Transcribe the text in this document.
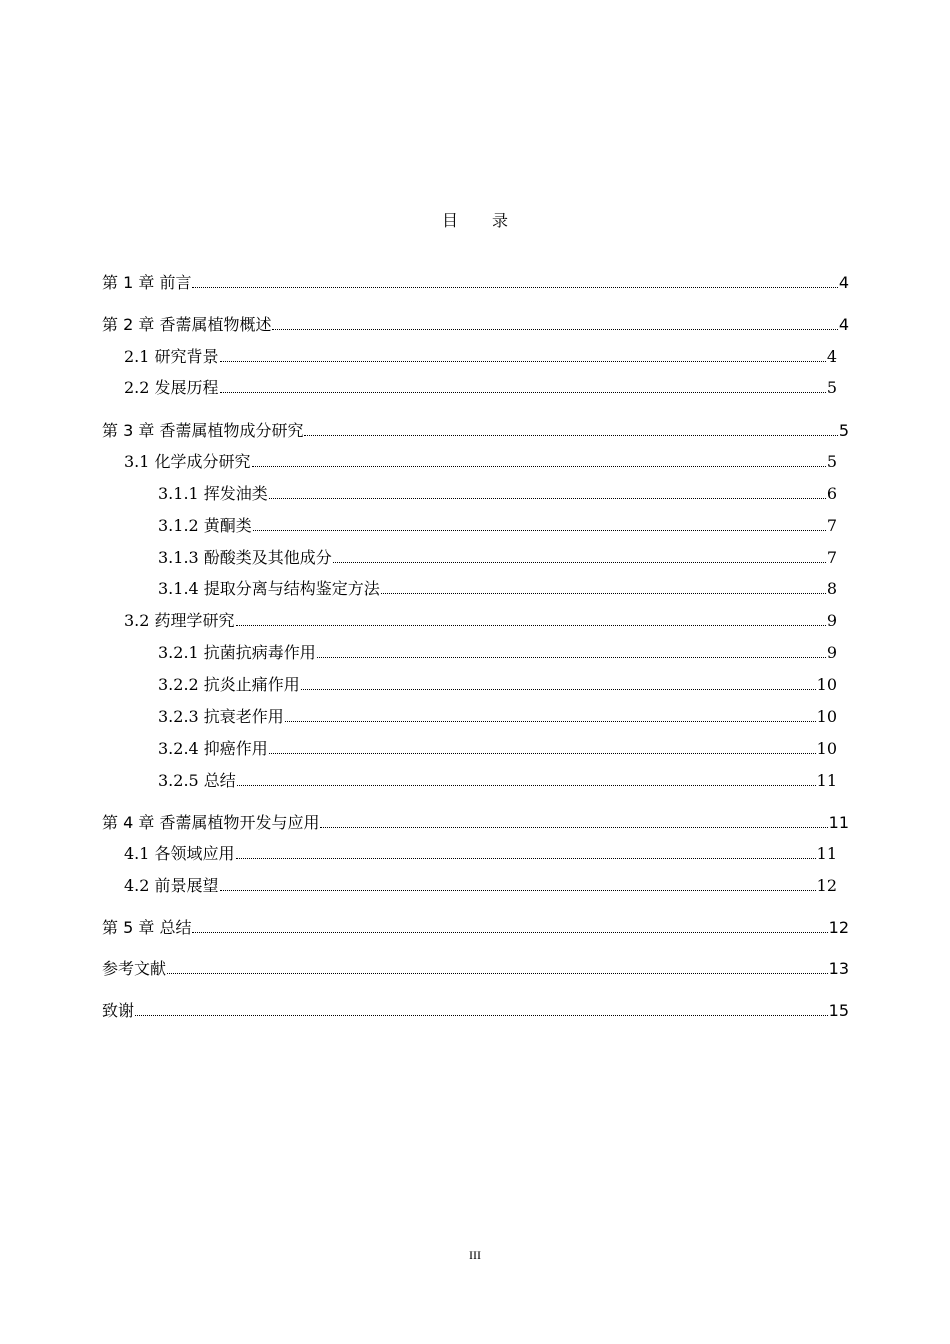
目 录
第 1 章 前言	4
第 2 章 香薷属植物概述	4
2.1 研究背景	4
2.2 发展历程	5
第 3 章 香薷属植物成分研究	5
3.1 化学成分研究	5
3.1.1 挥发油类	6
3.1.2 黄酮类	7
3.1.3 酚酸类及其他成分	7
3.1.4 提取分离与结构鉴定方法	8
3.2 药理学研究	9
3.2.1 抗菌抗病毒作用	9
3.2.2 抗炎止痛作用	10
3.2.3 抗衰老作用	10
3.2.4 抑癌作用	10
3.2.5 总结	11
第 4 章 香薷属植物开发与应用	11
4.1 各领域应用	11
4.2 前景展望	12
第 5 章 总结	12
参考文献	13
致谢	15
III
